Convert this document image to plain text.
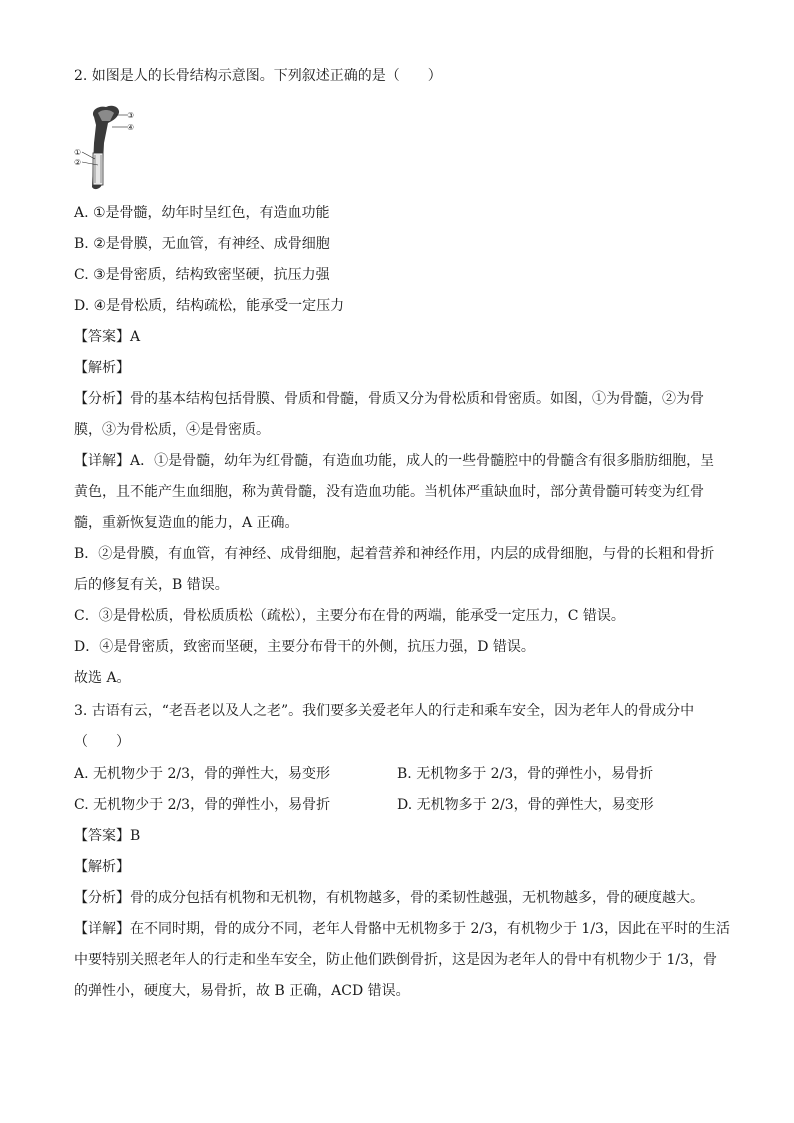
2. 如图是人的长骨结构示意图。下列叙述正确的是（　　）
③
④
①
②
A. ①是骨髓，幼年时呈红色，有造血功能
B. ②是骨膜，无血管，有神经、成骨细胞
C. ③是骨密质，结构致密坚硬，抗压力强
D. ④是骨松质，结构疏松，能承受一定压力
【答案】A
【解析】
【分析】骨的基本结构包括骨膜、骨质和骨髓，骨质又分为骨松质和骨密质。如图，①为骨髓，②为骨
膜，③为骨松质，④是骨密质。
【详解】A．①是骨髓，幼年为红骨髓，有造血功能，成人的一些骨髓腔中的骨髓含有很多脂肪细胞，呈
黄色，且不能产生血细胞，称为黄骨髓，没有造血功能。当机体严重缺血时，部分黄骨髓可转变为红骨
髓，重新恢复造血的能力，A 正确。
B．②是骨膜，有血管，有神经、成骨细胞，起着营养和神经作用，内层的成骨细胞，与骨的长粗和骨折
后的修复有关，B 错误。
C．③是骨松质，骨松质质松（疏松），主要分布在骨的两端，能承受一定压力，C 错误。
D．④是骨密质，致密而坚硬，主要分布骨干的外侧，抗压力强，D 错误。
故选 A。
3. 古语有云，“老吾老以及人之老”。我们要多关爱老年人的行走和乘车安全，因为老年人的骨成分中
（　　）
A. 无机物少于 2/3，骨的弹性大，易变形	B. 无机物多于 2/3，骨的弹性小，易骨折
C. 无机物少于 2/3，骨的弹性小，易骨折	D. 无机物多于 2/3，骨的弹性大，易变形
【答案】B
【解析】
【分析】骨的成分包括有机物和无机物，有机物越多，骨的柔韧性越强，无机物越多，骨的硬度越大。
【详解】在不同时期，骨的成分不同，老年人骨骼中无机物多于 2/3，有机物少于 1/3，因此在平时的生活
中要特别关照老年人的行走和坐车安全，防止他们跌倒骨折，这是因为老年人的骨中有机物少于 1/3，骨
的弹性小，硬度大，易骨折，故 B 正确，ACD 错误。
